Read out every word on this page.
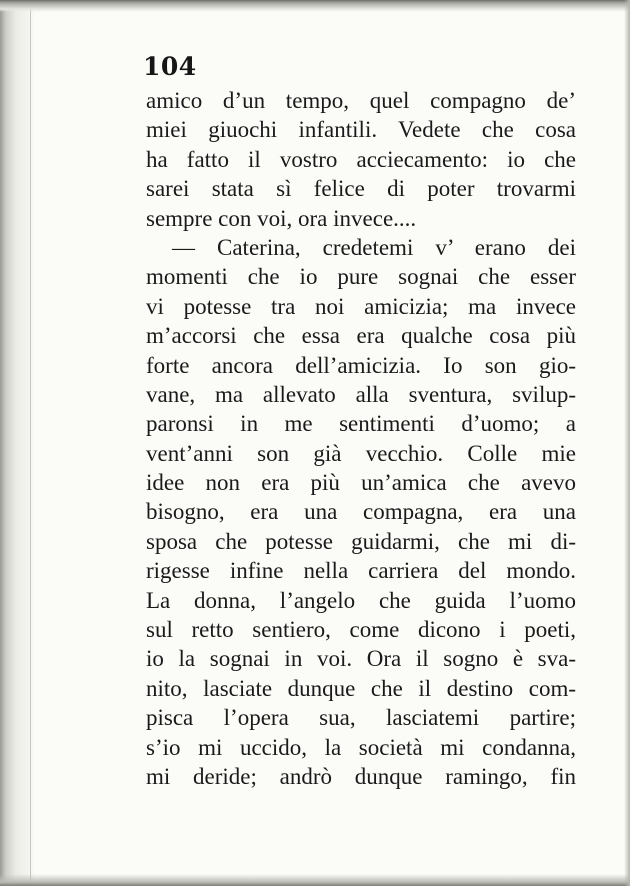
104
amico d’un tempo, quel compagno de’
miei giuochi infantili. Vedete che cosa
ha fatto il vostro acciecamento: io che
sarei stata sì felice di poter trovarmi
sempre con voi, ora invece....
— Caterina, credetemi v’ erano dei
momenti che io pure sognai che esser
vi potesse tra noi amicizia; ma invece
m’accorsi che essa era qualche cosa più
forte ancora dell’amicizia. Io son gio-
vane, ma allevato alla sventura, svilup-
paronsi in me sentimenti d’uomo; a
vent’anni son già vecchio. Colle mie
idee non era più un’amica che avevo
bisogno, era una compagna, era una
sposa che potesse guidarmi, che mi di-
rigesse infine nella carriera del mondo.
La donna, l’angelo che guida l’uomo
sul retto sentiero, come dicono i poeti,
io la sognai in voi. Ora il sogno è sva-
nito, lasciate dunque che il destino com-
pisca l’opera sua, lasciatemi partire;
s’io mi uccido, la società mi condanna,
mi deride; andrò dunque ramingo, fin
